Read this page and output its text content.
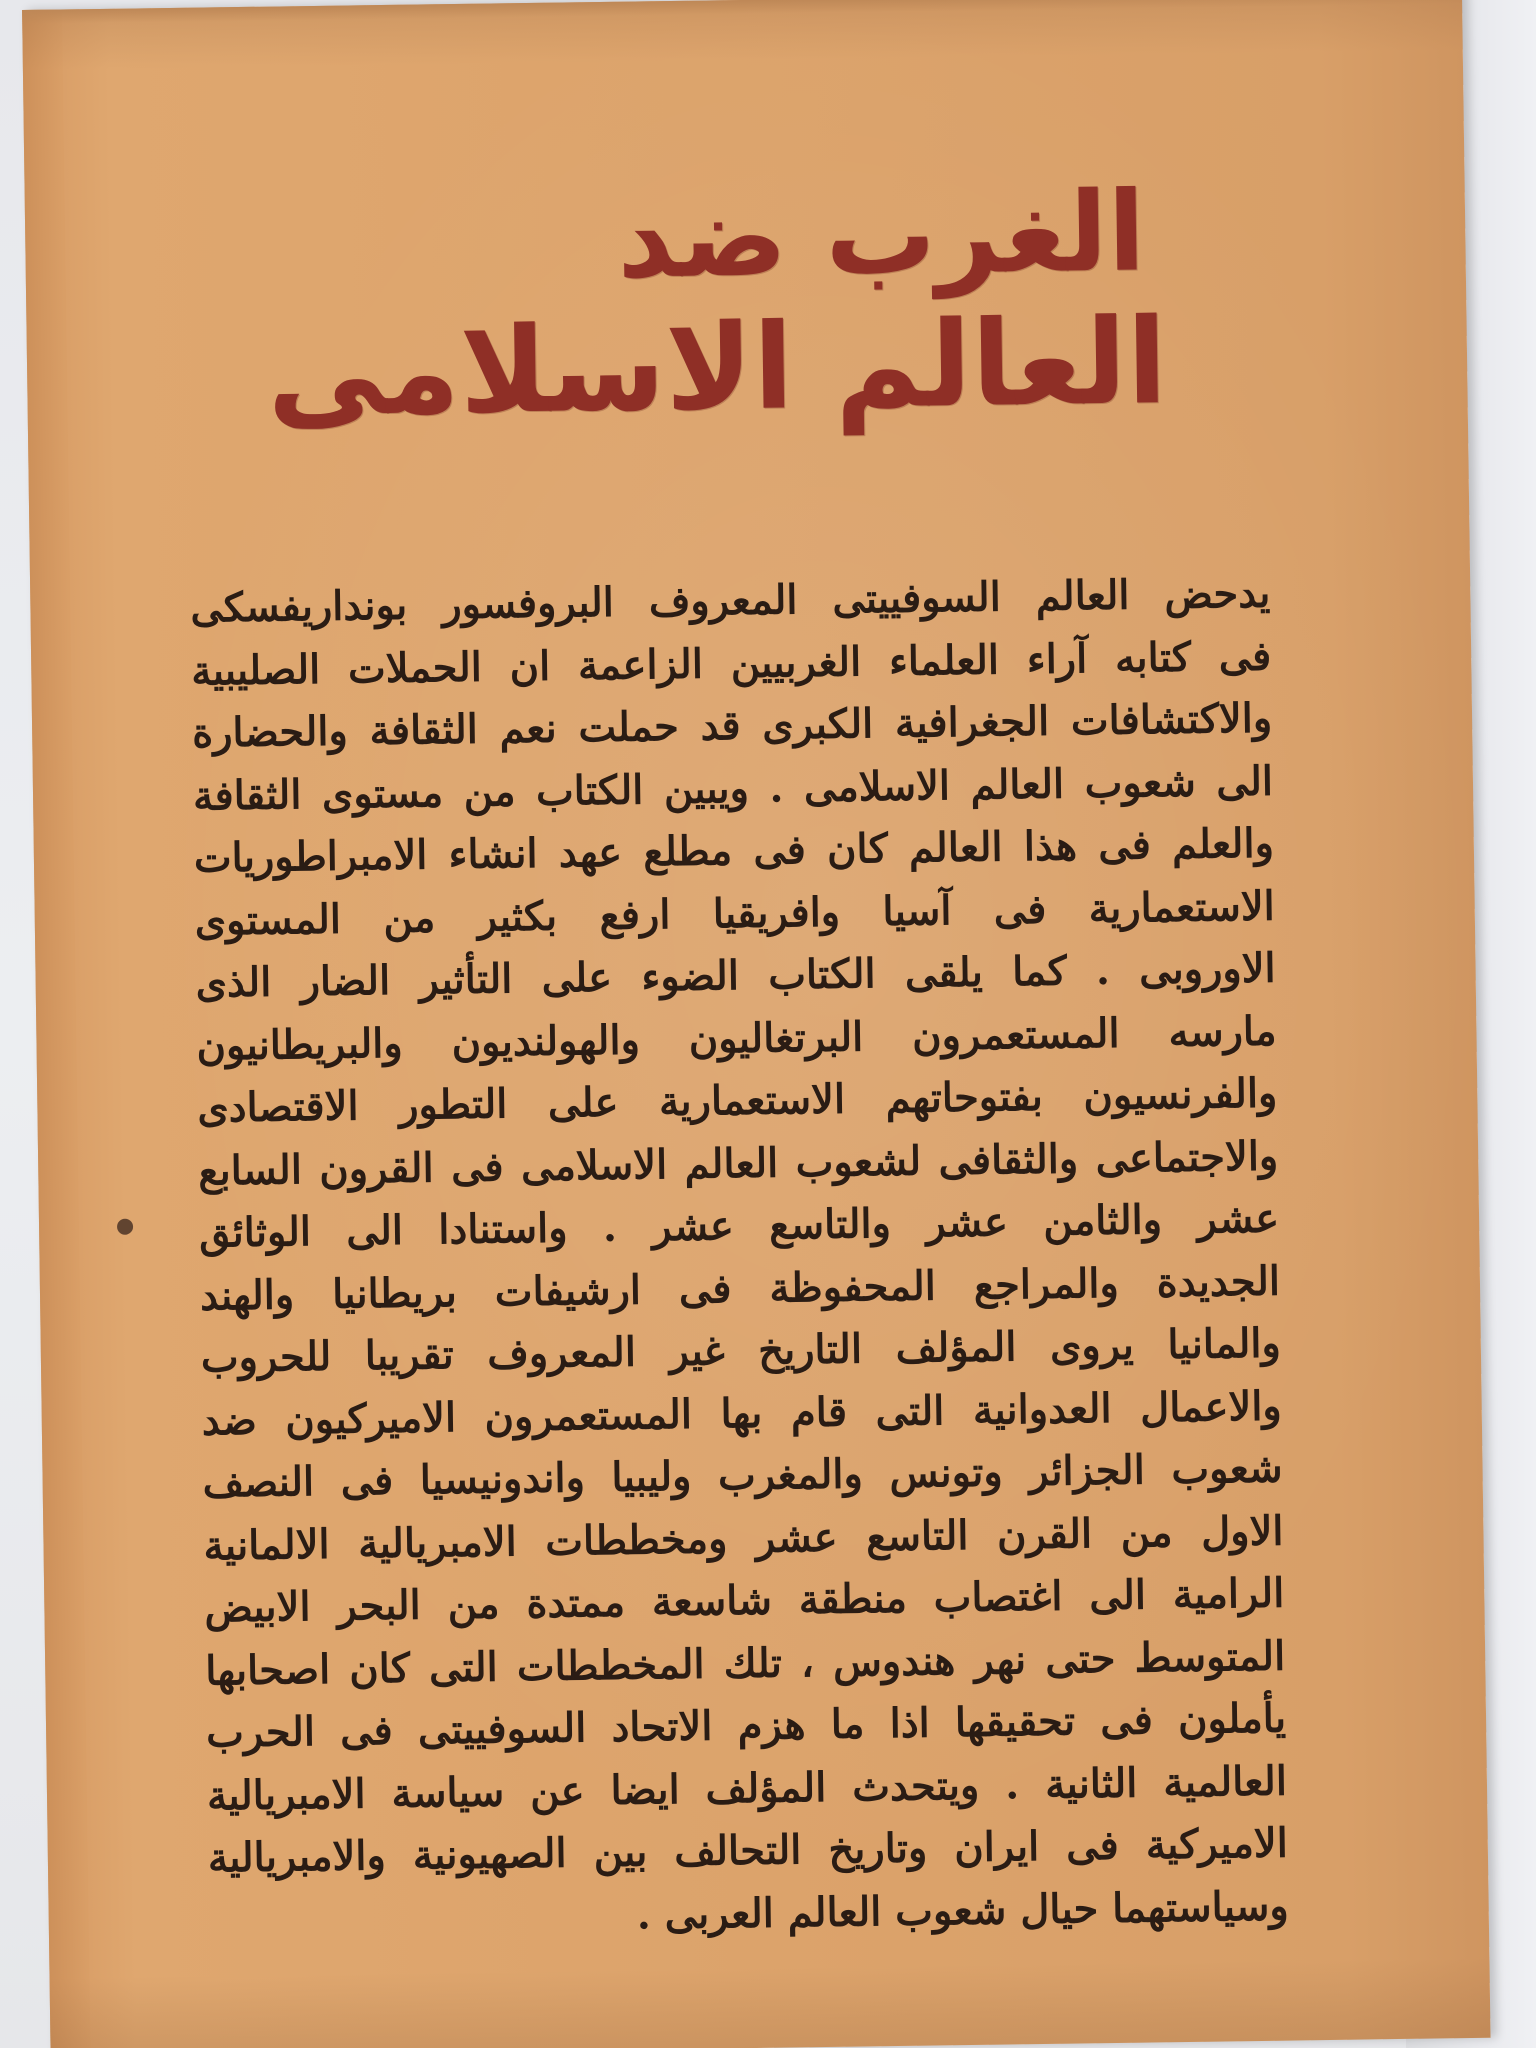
الغرب ضد
العالم الاسلامى
يدحض العالم السوفييتى المعروف البروفسور بونداريفسكى
فى كتابه آراء العلماء الغربيين الزاعمة ان الحملات الصليبية
والاكتشافات الجغرافية الكبرى قد حملت نعم الثقافة والحضارة
الى شعوب العالم الاسلامى . ويبين الكتاب من مستوى الثقافة
والعلم فى هذا العالم كان فى مطلع عهد انشاء الامبراطوريات
الاستعمارية فى آسيا وافريقيا ارفع بكثير من المستوى
الاوروبى . كما يلقى الكتاب الضوء على التأثير الضار الذى
مارسه المستعمرون البرتغاليون والهولنديون والبريطانيون
والفرنسيون بفتوحاتهم الاستعمارية على التطور الاقتصادى
والاجتماعى والثقافى لشعوب العالم الاسلامى فى القرون السابع
عشر والثامن عشر والتاسع عشر . واستنادا الى الوثائق
الجديدة والمراجع المحفوظة فى ارشيفات بريطانيا والهند
والمانيا يروى المؤلف التاريخ غير المعروف تقريبا للحروب
والاعمال العدوانية التى قام بها المستعمرون الاميركيون ضد
شعوب الجزائر وتونس والمغرب وليبيا واندونيسيا فى النصف
الاول من القرن التاسع عشر ومخططات الامبريالية الالمانية
الرامية الى اغتصاب منطقة شاسعة ممتدة من البحر الابيض
المتوسط حتى نهر هندوس ، تلك المخططات التى كان اصحابها
يأملون فى تحقيقها اذا ما هزم الاتحاد السوفييتى فى الحرب
العالمية الثانية . ويتحدث المؤلف ايضا عن سياسة الامبريالية
الاميركية فى ايران وتاريخ التحالف بين الصهيونية والامبريالية
وسياستهما حيال شعوب العالم العربى .
